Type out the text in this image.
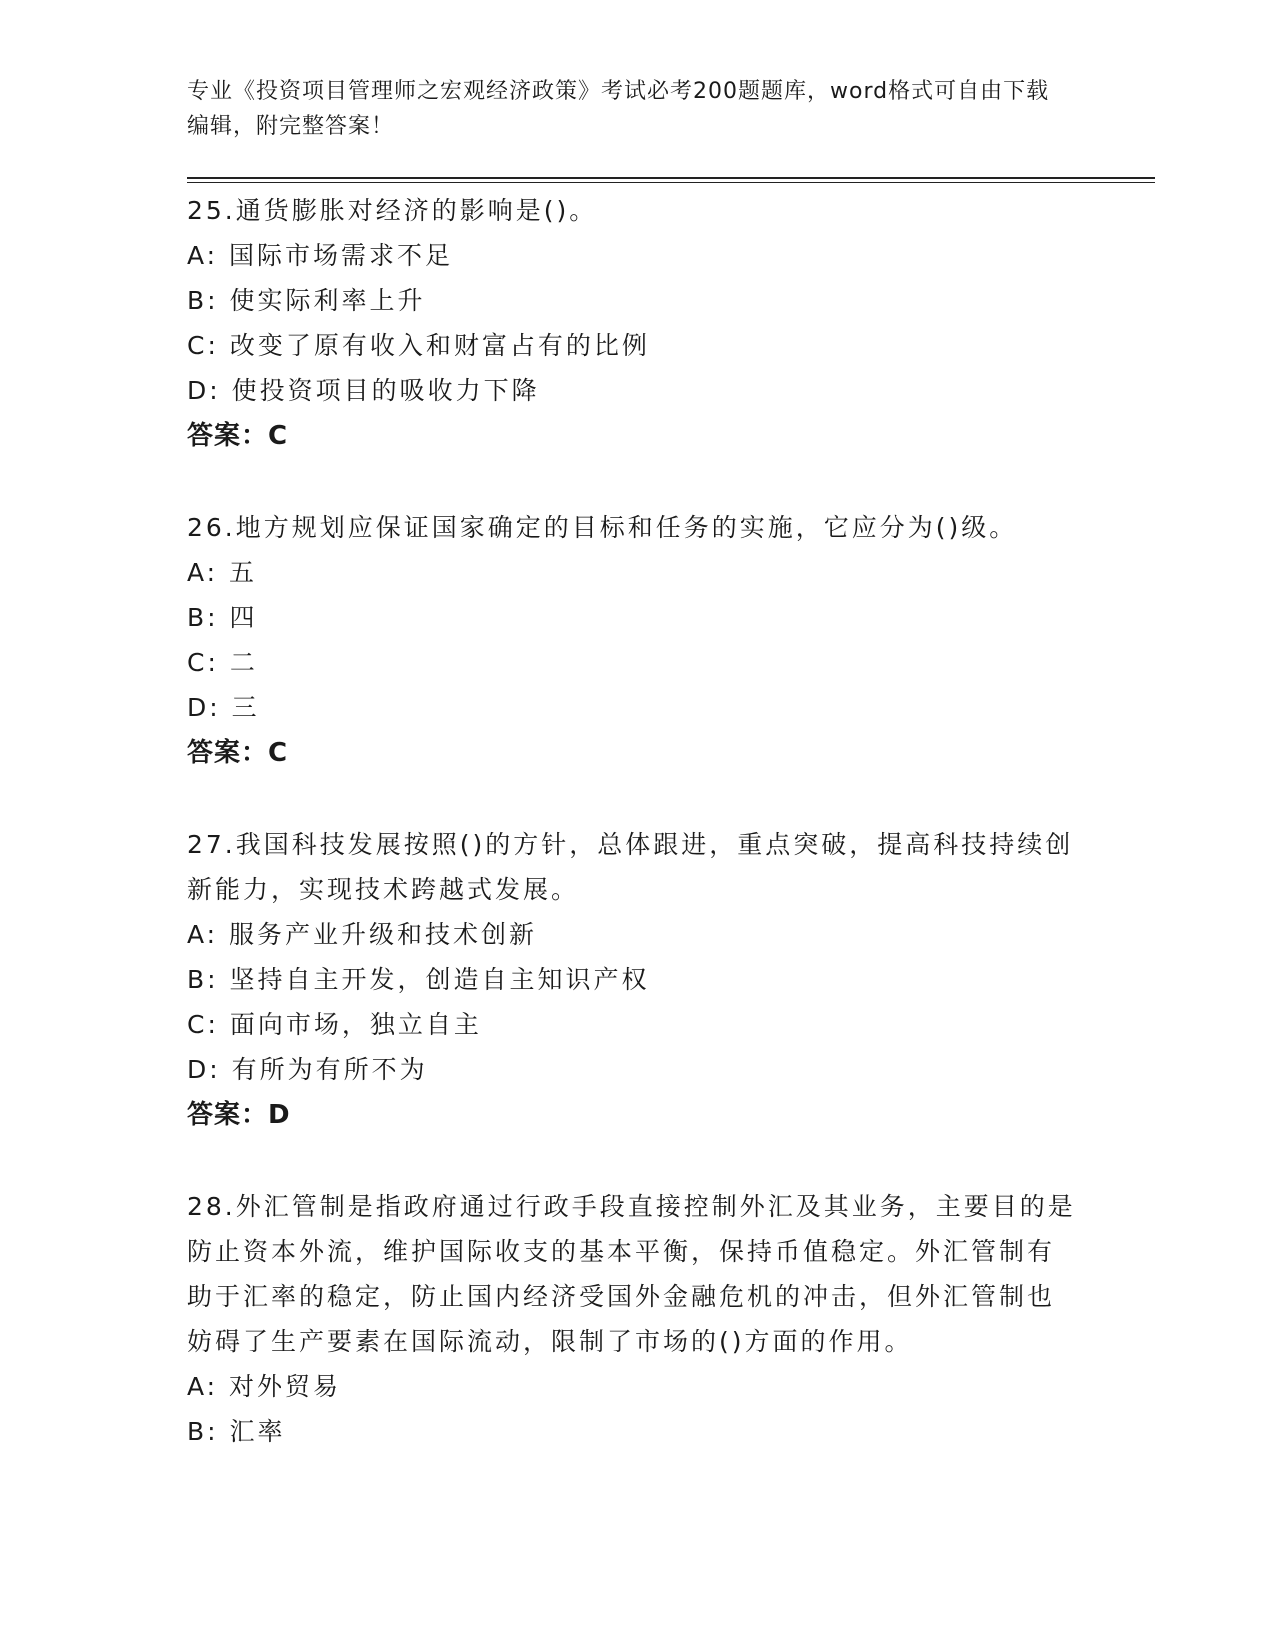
专业《投资项目管理师之宏观经济政策》考试必考200题题库，word格式可自由下载编辑，附完整答案！
25.通货膨胀对经济的影响是()。
A: 国际市场需求不足
B: 使实际利率上升
C: 改变了原有收入和财富占有的比例
D: 使投资项目的吸收力下降
答案：C
26.地方规划应保证国家确定的目标和任务的实施，它应分为()级。
A: 五
B: 四
C: 二
D: 三
答案：C
27.我国科技发展按照()的方针，总体跟进，重点突破，提高科技持续创新能力，实现技术跨越式发展。
A: 服务产业升级和技术创新
B: 坚持自主开发，创造自主知识产权
C: 面向市场，独立自主
D: 有所为有所不为
答案：D
28.外汇管制是指政府通过行政手段直接控制外汇及其业务，主要目的是防止资本外流，维护国际收支的基本平衡，保持币值稳定。外汇管制有助于汇率的稳定，防止国内经济受国外金融危机的冲击，但外汇管制也妨碍了生产要素在国际流动，限制了市场的()方面的作用。
A: 对外贸易
B: 汇率
